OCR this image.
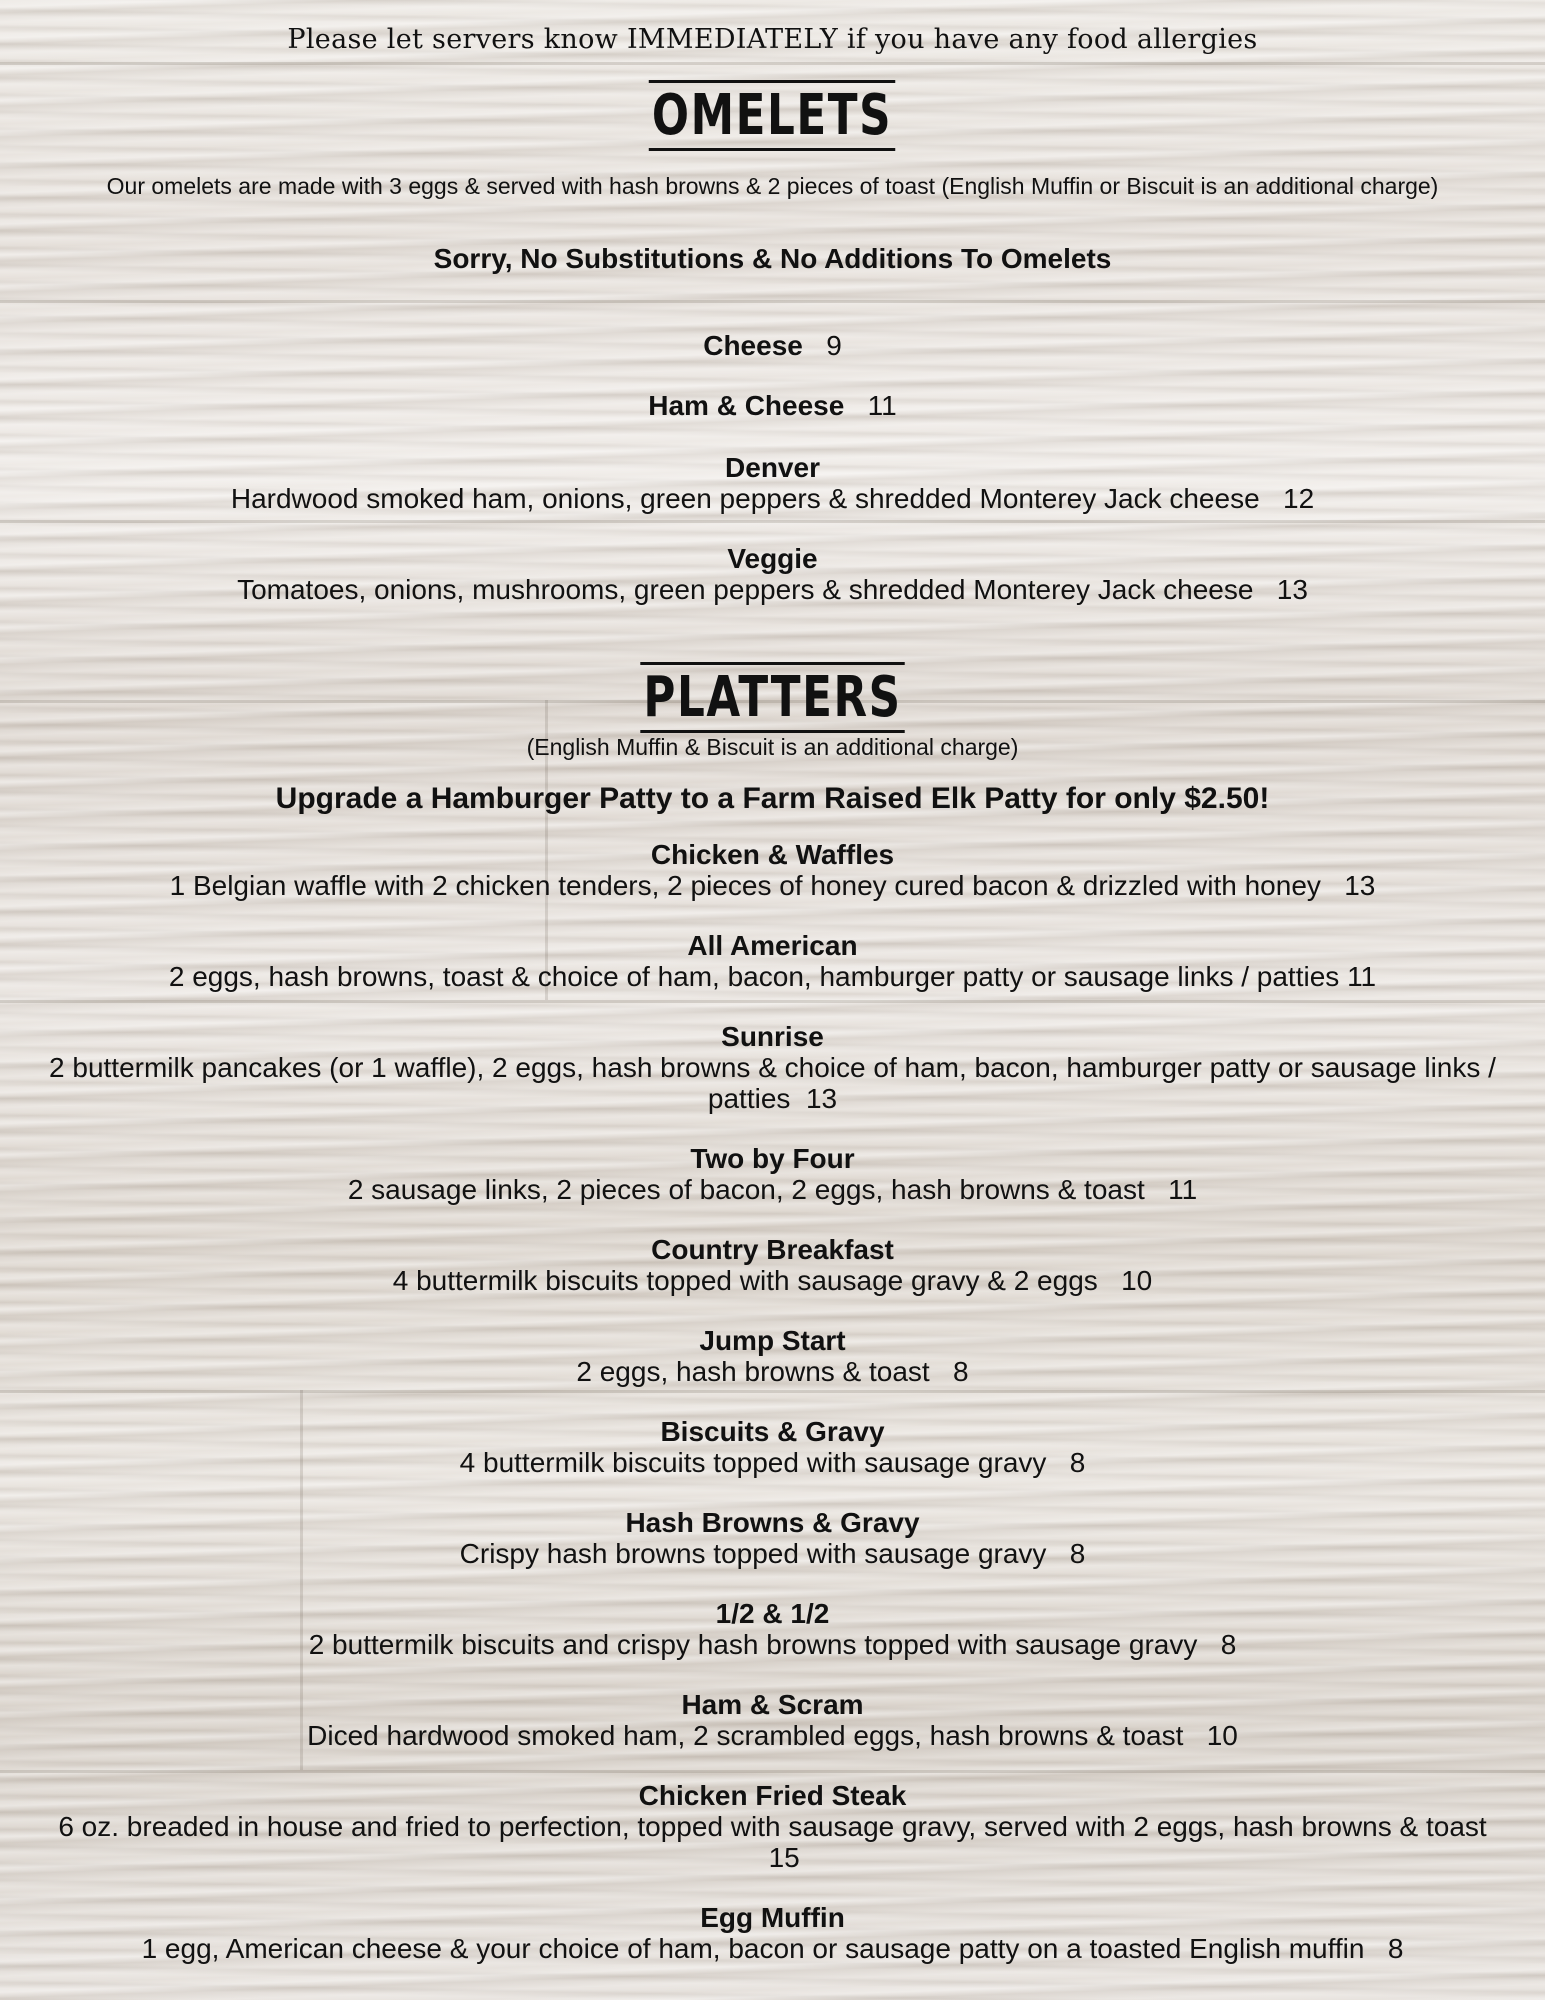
Please let servers know IMMEDIATELY if you have any food allergies
OMELETS
Our omelets are made with 3 eggs & served with hash browns & 2 pieces of toast (English Muffin or Biscuit is an additional charge)
Sorry, No Substitutions & No Additions To Omelets
Cheese 9
Ham & Cheese 11
Denver
Hardwood smoked ham, onions, green peppers & shredded Monterey Jack cheese 12
Veggie
Tomatoes, onions, mushrooms, green peppers & shredded Monterey Jack cheese 13
PLATTERS
(English Muffin & Biscuit is an additional charge)
Upgrade a Hamburger Patty to a Farm Raised Elk Patty for only $2.50!
Chicken & Waffles
1 Belgian waffle with 2 chicken tenders, 2 pieces of honey cured bacon & drizzled with honey 13
All American
2 eggs, hash browns, toast & choice of ham, bacon, hamburger patty or sausage links / patties 11
Sunrise
2 buttermilk pancakes (or 1 waffle), 2 eggs, hash browns & choice of ham, bacon, hamburger patty or sausage links / patties 13
Two by Four
2 sausage links, 2 pieces of bacon, 2 eggs, hash browns & toast 11
Country Breakfast
4 buttermilk biscuits topped with sausage gravy & 2 eggs 10
Jump Start
2 eggs, hash browns & toast 8
Biscuits & Gravy
4 buttermilk biscuits topped with sausage gravy 8
Hash Browns & Gravy
Crispy hash browns topped with sausage gravy 8
1/2 & 1/2
2 buttermilk biscuits and crispy hash browns topped with sausage gravy 8
Ham & Scram
Diced hardwood smoked ham, 2 scrambled eggs, hash browns & toast 10
Chicken Fried Steak
6 oz. breaded in house and fried to perfection, topped with sausage gravy, served with 2 eggs, hash browns & toast   15
Egg Muffin
1 egg, American cheese & your choice of ham, bacon or sausage patty on a toasted English muffin 8
